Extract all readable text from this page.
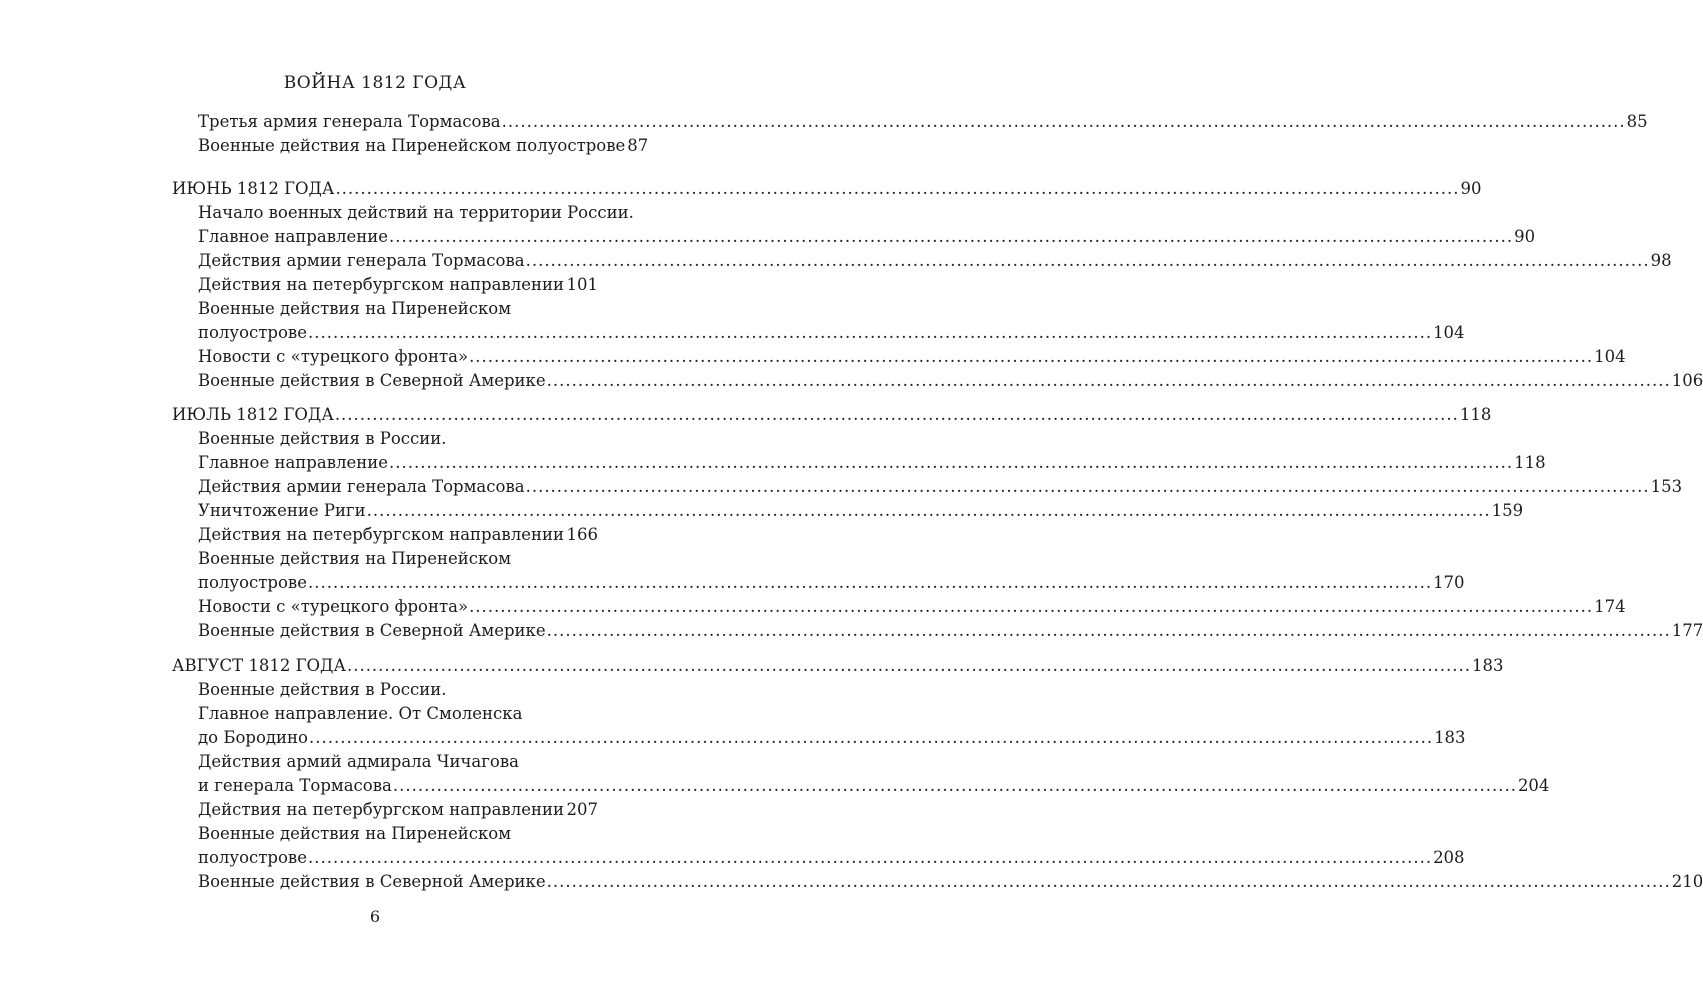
ВОЙНА 1812 ГОДА
Третья армия генерала Тормасова .....	85
Военные действия на Пиренейском полуострове 87
ИЮНЬ 1812 ГОДА .....	90
Начало военных действий на территории России.
Главное направление .....	90
Действия армии генерала Тормасова .....	98
Действия на петербургском направлении ..... 101
Военные действия на Пиренейском
полуострове .....	104
Новости с «турецкого фронта» .....	104
Военные действия в Северной Америке .....	106
ИЮЛЬ 1812 ГОДА .....	118
Военные действия в России.
Главное направление .....	118
Действия армии генерала Тормасова .....	153
Уничтожение Риги .....	159
Действия на петербургском направлении ..... 166
Военные действия на Пиренейском
полуострове .....	170
Новости с «турецкого фронта» .....	174
Военные действия в Северной Америке .....	177
АВГУСТ 1812 ГОДА .....	183
Военные действия в России.
Главное направление. От Смоленска
до Бородино .....	183
Действия армий адмирала Чичагова
и генерала Тормасова .....	204
Действия на петербургском направлении ..... 207
Военные действия на Пиренейском
полуострове .....	208
Военные действия в Северной Америке .....	210
6
